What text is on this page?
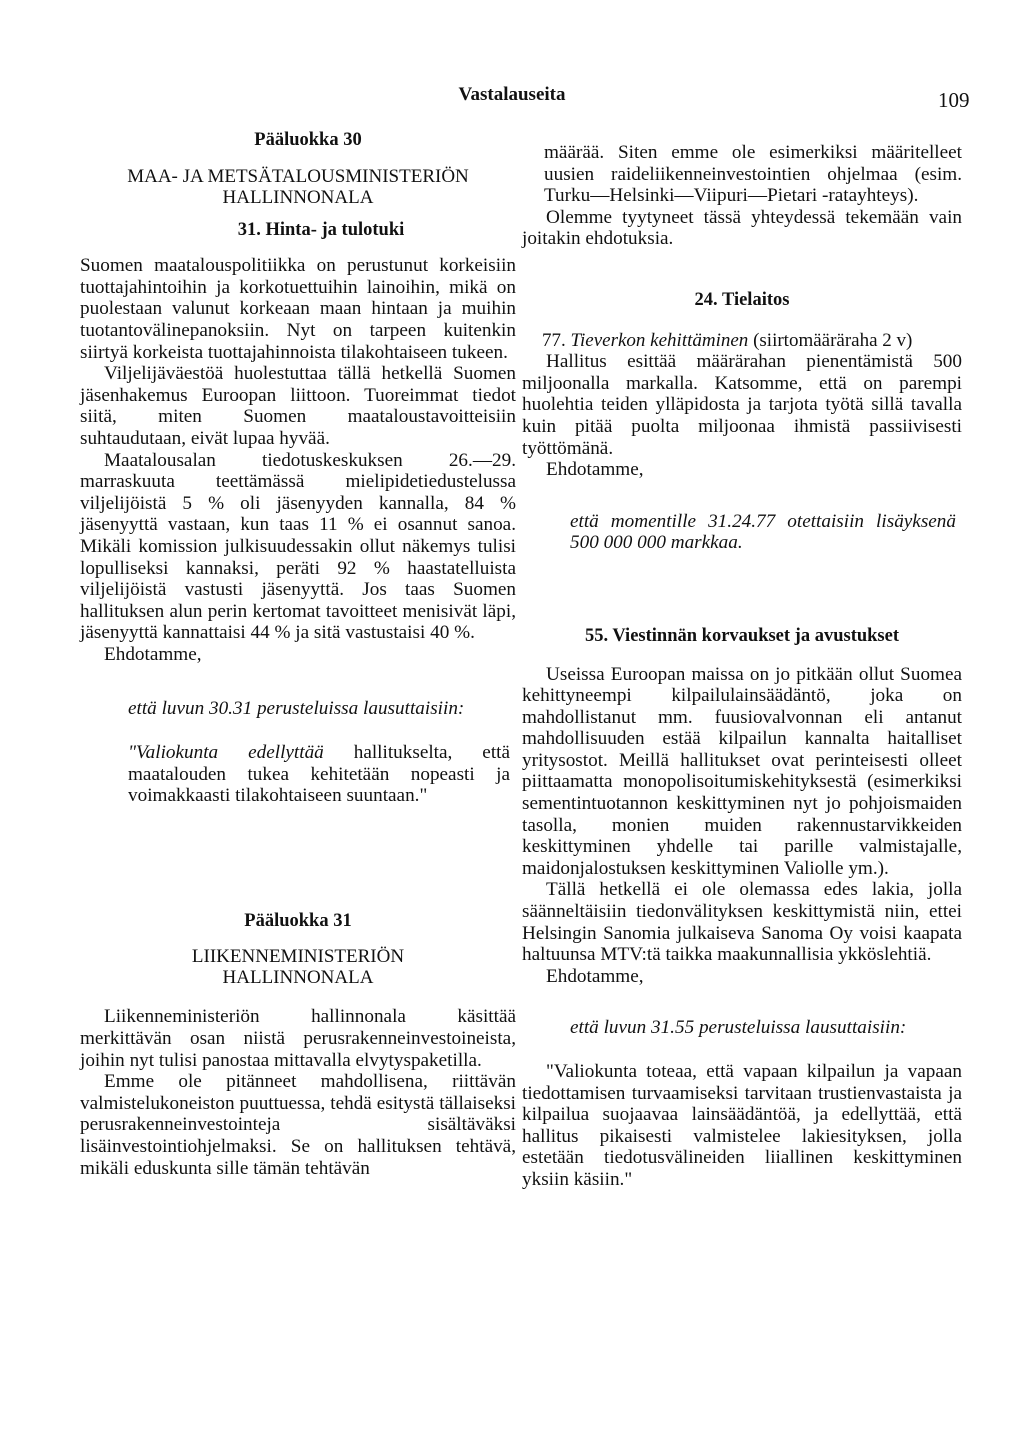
Vastalauseita	109
Pääluokka 30
MAA- JA METSÄTALOUSMINISTERIÖN HALLINNONALA
31. Hinta- ja tulotuki

Suomen maatalouspolitiikka on perustunut korkeisiin tuottajahintoihin ja korkotuettuihin lainoihin, mikä on puolestaan valunut korkeaan maan hintaan ja muihin tuotantovälinepanoksiin. Nyt on tarpeen kuitenkin siirtyä korkeista tuottajahinnoista tilakohtaiseen tukeen.

Viljelijäväestöä huolestuttaa tällä hetkellä Suomen jäsenhakemus Euroopan liittoon. Tuoreimmat tiedot siitä, miten Suomen maataloustavoitteisiin suhtaudutaan, eivät lupaa hyvää.

Maatalousalan tiedotuskeskuksen 26.—29. marraskuuta teettämässä mielipidetiedustelussa viljelijöistä 5 % oli jäsenyyden kannalla, 84 % jäsenyyttä vastaan, kun taas 11 % ei osannut sanoa. Mikäli komission julkisuudessakin ollut näkemys tulisi lopulliseksi kannaksi, peräti 92 % haastatelluista viljelijöistä vastusti jäsenyyttä. Jos taas Suomen hallituksen alun perin kertomat tavoitteet menisivät läpi, jäsenyyttä kannattaisi 44 % ja sitä vastustaisi 40 %.

Ehdotamme,

että luvun 30.31 perusteluissa lausuttaisiin:
"Valiokunta edellyttää hallitukselta, että maatalouden tukea kehitetään nopeasti ja voimakkaasti tilakohtaiseen suuntaan."
Pääluokka 31
LIIKENNEMINISTERIÖN HALLINNONALA

Liikenneministeriön hallinnonala käsittää merkittävän osan niistä perusrakenneinvestoineista, joihin nyt tulisi panostaa mittavalla elvytyspaketilla.

Emme ole pitänneet mahdollisena, riittävän valmistelukoneiston puuttuessa, tehdä esitystä tällaiseksi perusrakenneinvestointeja sisältäväksi lisäinvestointiohjelmaksi. Se on hallituksen tehtävä, mikäli eduskunta sille tämän tehtävän

määrää. Siten emme ole esimerkiksi määritelleet uusien raideliikenneinvestointien ohjelmaa (esim. Turku—Helsinki—Viipuri—Pietari -ratayhteys).

Olemme tyytyneet tässä yhteydessä tekemään vain joitakin ehdotuksia.

24. Tielaitos

77. Tieverkon kehittäminen (siirtomääräraha 2 v)

Hallitus esittää määrärahan pienentämistä 500 miljoonalla markalla. Katsomme, että on parempi huolehtia teiden ylläpidosta ja tarjota työtä sillä tavalla kuin pitää puolta miljoonaa ihmistä passiivisesti työttömänä.

Ehdotamme,

että momentille 31.24.77 otettaisiin lisäyksenä 500 000 000 markkaa.
55. Viestinnän korvaukset ja avustukset

Useissa Euroopan maissa on jo pitkään ollut Suomea kehittyneempi kilpailulainsäädäntö, joka on mahdollistanut mm. fuusiovalvonnan eli antanut mahdollisuuden estää kilpailun kannalta haitalliset yritysostot. Meillä hallitukset ovat perinteisesti olleet piittaamatta monopolisoitumiskehityksestä (esimerkiksi sementintuotannon keskittyminen nyt jo pohjoismaiden tasolla, monien muiden rakennustarvikkeiden keskittyminen yhdelle tai parille valmistajalle, maidonjalostuksen keskittyminen Valiolle ym.).

Tällä hetkellä ei ole olemassa edes lakia, jolla säänneltäisiin tiedonvälityksen keskittymistä niin, ettei Helsingin Sanomia julkaiseva Sanoma Oy voisi kaapata haltuunsa MTV:tä taikka maakunnallisia ykköslehtiä.

Ehdotamme,

että luvun 31.55 perusteluissa lausuttaisiin:

"Valiokunta toteaa, että vapaan kilpailun ja vapaan tiedottamisen turvaamiseksi tarvitaan trustienvastaista ja kilpailua suojaavaa lainsäädäntöä, ja edellyttää, että hallitus pikaisesti valmistelee lakiesityksen, jolla estetään tiedotusvälineiden liiallinen keskittyminen yksiin käsiin."
